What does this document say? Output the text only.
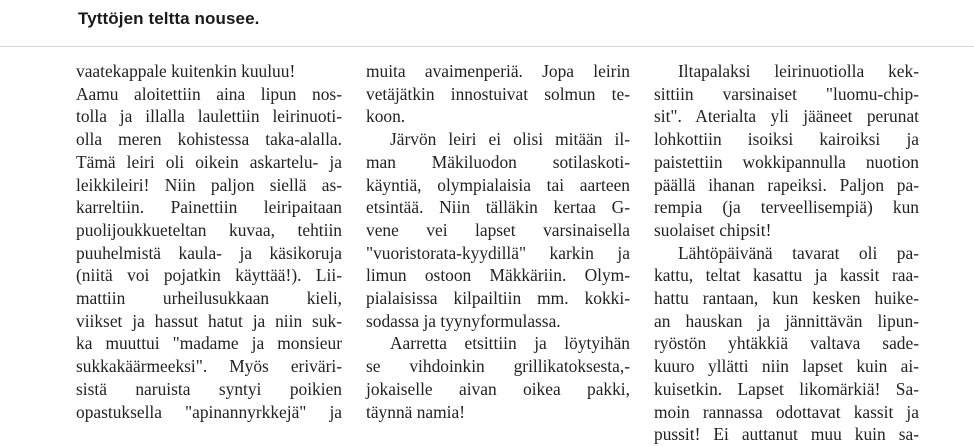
Tyttöjen teltta nousee.
vaatekappale kuitenkin kuuluu!
Aamu aloitettiin aina lipun nos-
tolla ja illalla laulettiin leirinuoti-
olla meren kohistessa taka-alalla.
Tämä leiri oli oikein askartelu- ja
leikkileiri! Niin paljon siellä as-
karreltiin. Painettiin leiripaitaan
puolijoukkueteltan kuvaa, tehtiin
puuhelmistä kaula- ja käsikoruja
(niitä voi pojatkin käyttää!). Lii-
mattiin urheilusukkaan kieli,
viikset ja hassut hatut ja niin suk-
ka muuttui "madame ja monsieur
sukkakäärmeeksi". Myös eriväri-
sistä naruista syntyi poikien
opastuksella "apinannyrkkejä" ja
muita avaimenperiä. Jopa leirin
vetäjätkin innostuivat solmun te-
koon.
Järvön leiri ei olisi mitään il-
man Mäkiluodon sotilaskoti-
käyntiä, olympialaisia tai aarteen
etsintää. Niin tälläkin kertaa G-
vene vei lapset varsinaisella
"vuoristorata-kyydillä" karkin ja
limun ostoon Mäkkäriin. Olym-
pialaisissa kilpailtiin mm. kokki-
sodassa ja tyynyformulassa.
Aarretta etsittiin ja löytyihän
se vihdoinkin grillikatoksesta,-
jokaiselle aivan oikea pakki,
täynnä namia!
Iltapalaksi leirinuotiolla kek-
sittiin varsinaiset "luomu-chip-
sit". Aterialta yli jääneet perunat
lohkottiin isoiksi kairoiksi ja
paistettiin wokkipannulla nuotion
päällä ihanan rapeiksi. Paljon pa-
rempia (ja terveellisempiä) kun
suolaiset chipsit!
Lähtöpäivänä tavarat oli pa-
kattu, teltat kasattu ja kassit raa-
hattu rantaan, kun kesken huike-
an hauskan ja jännittävän lipun-
ryöstön yhtäkkiä valtava sade-
kuuro yllätti niin lapset kuin ai-
kuisetkin. Lapset likomärkiä! Sa-
moin rannassa odottavat kassit ja
pussit! Ei auttanut muu kuin sa-
